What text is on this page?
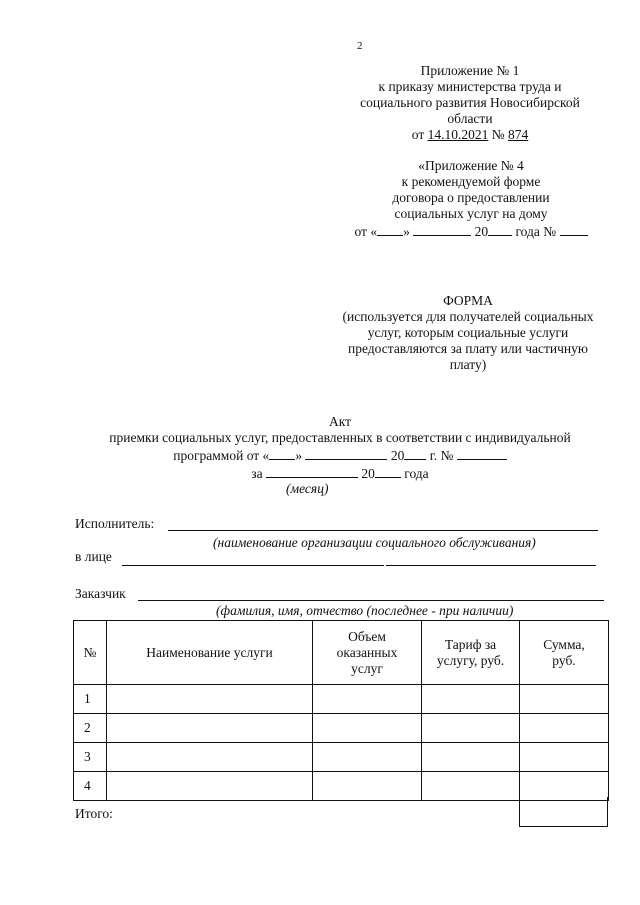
2
Приложение № 1
к приказу министерства труда и
социального развития Новосибирской
области
от 14.10.2021 № 874
«Приложение № 4
к рекомендуемой форме
договора о предоставлении
социальных услуг на дому
от « »	20 года №
ФОРМА
(используется для получателей социальных
услуг, которым социальные услуги
предоставляются за плату или частичную
плату)
Акт
приемки социальных услуг, предоставленных в соответствии с индивидуальной
программой от « »	20 г. №
за	20 года
(месяц)
Исполнитель:
(наименование организации социального обслуживания)
в лице
Заказчик
(фамилия, имя, отчество (последнее - при наличии)
№	Наименование услуги	Объем оказанных услуг	Тариф за услугу, руб.	Сумма, руб.
1				
2				
3				
4				
Итого:
